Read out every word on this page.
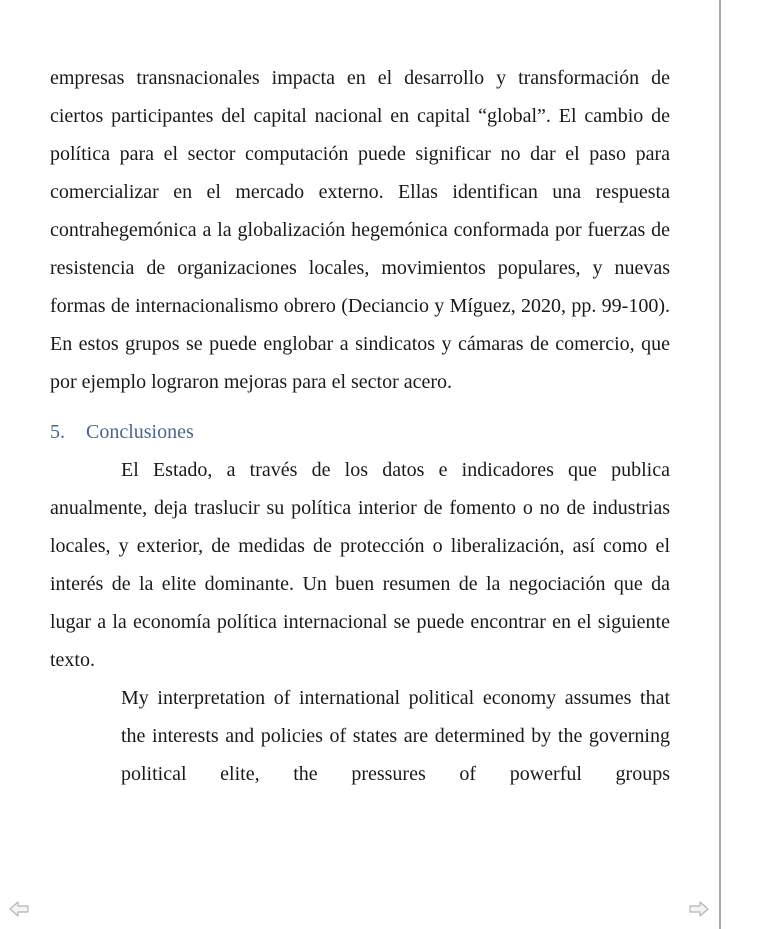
empresas transnacionales impacta en el desarrollo y transformación de ciertos participantes del capital nacional en capital “global”. El cambio de política para el sector computación puede significar no dar el paso para comercializar en el mercado externo. Ellas identifican una respuesta contrahegemónica a la globalización hegemónica conformada por fuerzas de resistencia de organizaciones locales, movimientos populares, y nuevas formas de internacionalismo obrero (Deciancio y Míguez, 2020, pp. 99-100). En estos grupos se puede englobar a sindicatos y cámaras de comercio, que por ejemplo lograron mejoras para el sector acero.

5. Conclusiones

El Estado, a través de los datos e indicadores que publica anualmente, deja traslucir su política interior de fomento o no de industrias locales, y exterior, de medidas de protección o liberalización, así como el interés de la elite dominante. Un buen resumen de la negociación que da lugar a la economía política internacional se puede encontrar en el siguiente texto.

My interpretation of international political economy assumes that the interests and policies of states are determined by the governing political elite, the pressures of powerful groups
